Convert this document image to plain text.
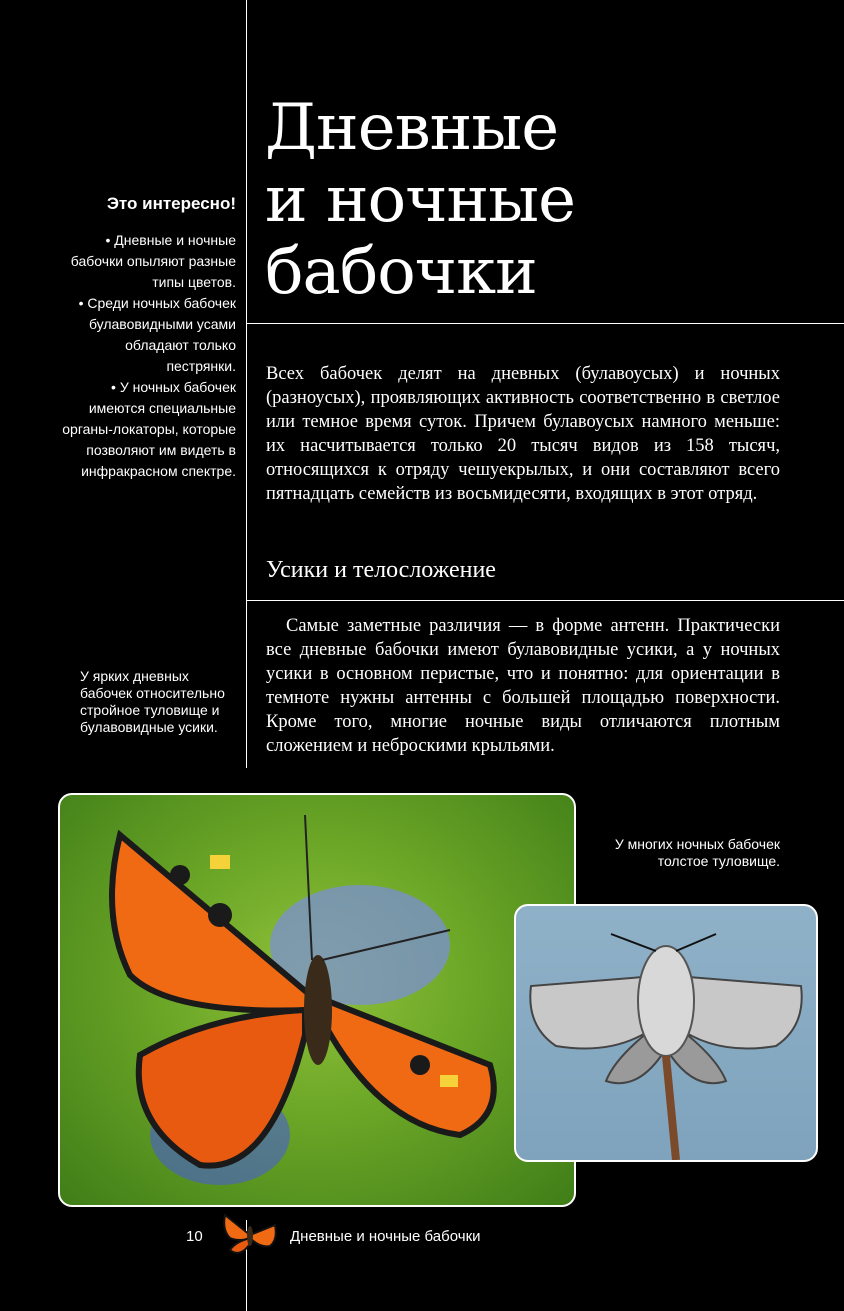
Дневные
и ночные
бабочки
Это интересно!
• Дневные и ночные бабочки опыляют разные типы цветов.
• Среди ночных бабочек булавовидными усами обладают только пестрянки.
• У ночных бабочек имеются специальные органы-локаторы, которые позволяют им видеть в инфракрасном спектре.

Всех бабочек делят на дневных (булавоусых) и ночных (разноусых), проявляющих активность соответственно в светлое или темное время суток. Причем булавоусых намного меньше: их насчитывается только 20 тысяч видов из 158 тысяч, относящихся к отряду чешуекрылых, и они составляют всего пятнадцать семейств из восьмидесяти, входящих в этот отряд.

Усики и телосложение

Самые заметные различия — в форме антенн. Практически все дневные бабочки имеют булавовидные усики, а у ночных усики в основном перистые, что и понятно: для ориентации в темноте нужны антенны с большей площадью поверхности. Кроме того, многие ночные виды отличаются плотным сложением и неброскими крыльями.

У ярких дневных бабочек относительно стройное туловище и булавовидные усики.

У многих ночных бабочек толстое туловище.

10	Дневные и ночные бабочки
